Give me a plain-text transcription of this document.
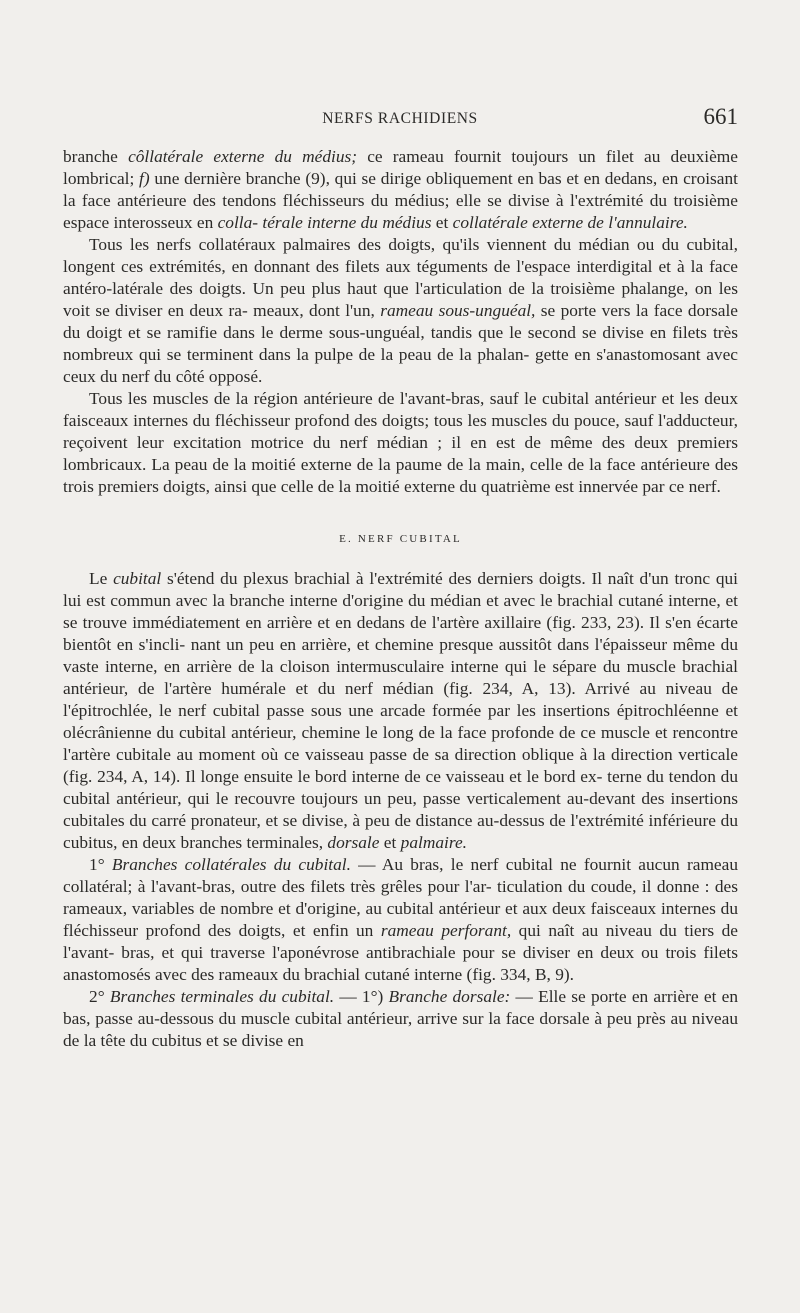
NERFS RACHIDIENS	661

branche côllatérale externe du médius; ce rameau fournit toujours un filet au deuxième lombrical; f) une dernière branche (9), qui se dirige obliquement en bas et en dedans, en croisant la face antérieure des tendons fléchisseurs du médius; elle se divise à l'extrémité du troisième espace interosseux en colla- térale interne du médius et collatérale externe de l'annulaire.

Tous les nerfs collatéraux palmaires des doigts, qu'ils viennent du médian ou du cubital, longent ces extrémités, en donnant des filets aux téguments de l'espace interdigital et à la face antéro-latérale des doigts. Un peu plus haut que l'articulation de la troisième phalange, on les voit se diviser en deux ra- meaux, dont l'un, rameau sous-unguéal, se porte vers la face dorsale du doigt et se ramifie dans le derme sous-unguéal, tandis que le second se divise en filets très nombreux qui se terminent dans la pulpe de la peau de la phalan- gette en s'anastomosant avec ceux du nerf du côté opposé.

Tous les muscles de la région antérieure de l'avant-bras, sauf le cubital antérieur et les deux faisceaux internes du fléchisseur profond des doigts; tous les muscles du pouce, sauf l'adducteur, reçoivent leur excitation motrice du nerf médian ; il en est de même des deux premiers lombricaux. La peau de la moitié externe de la paume de la main, celle de la face antérieure des trois premiers doigts, ainsi que celle de la moitié externe du quatrième est innervée par ce nerf.

E. NERF CUBITAL

Le cubital s'étend du plexus brachial à l'extrémité des derniers doigts. Il naît d'un tronc qui lui est commun avec la branche interne d'origine du médian et avec le brachial cutané interne, et se trouve immédiatement en arrière et en dedans de l'artère axillaire (fig. 233, 23). Il s'en écarte bientôt en s'incli- nant un peu en arrière, et chemine presque aussitôt dans l'épaisseur même du vaste interne, en arrière de la cloison intermusculaire interne qui le sépare du muscle brachial antérieur, de l'artère humérale et du nerf médian (fig. 234, A, 13). Arrivé au niveau de l'épitrochlée, le nerf cubital passe sous une arcade formée par les insertions épitrochléenne et olécrânienne du cubital antérieur, chemine le long de la face profonde de ce muscle et rencontre l'artère cubitale au moment où ce vaisseau passe de sa direction oblique à la direction verticale (fig. 234, A, 14). Il longe ensuite le bord interne de ce vaisseau et le bord ex- terne du tendon du cubital antérieur, qui le recouvre toujours un peu, passe verticalement au-devant des insertions cubitales du carré pronateur, et se divise, à peu de distance au-dessus de l'extrémité inférieure du cubitus, en deux branches terminales, dorsale et palmaire.

1° Branches collatérales du cubital. — Au bras, le nerf cubital ne fournit aucun rameau collatéral; à l'avant-bras, outre des filets très grêles pour l'ar- ticulation du coude, il donne : des rameaux, variables de nombre et d'origine, au cubital antérieur et aux deux faisceaux internes du fléchisseur profond des doigts, et enfin un rameau perforant, qui naît au niveau du tiers de l'avant- bras, et qui traverse l'aponévrose antibrachiale pour se diviser en deux ou trois filets anastomosés avec des rameaux du brachial cutané interne (fig. 334, B, 9).

2° Branches terminales du cubital. — 1°) Branche dorsale: — Elle se porte en arrière et en bas, passe au-dessous du muscle cubital antérieur, arrive sur la face dorsale à peu près au niveau de la tête du cubitus et se divise en
